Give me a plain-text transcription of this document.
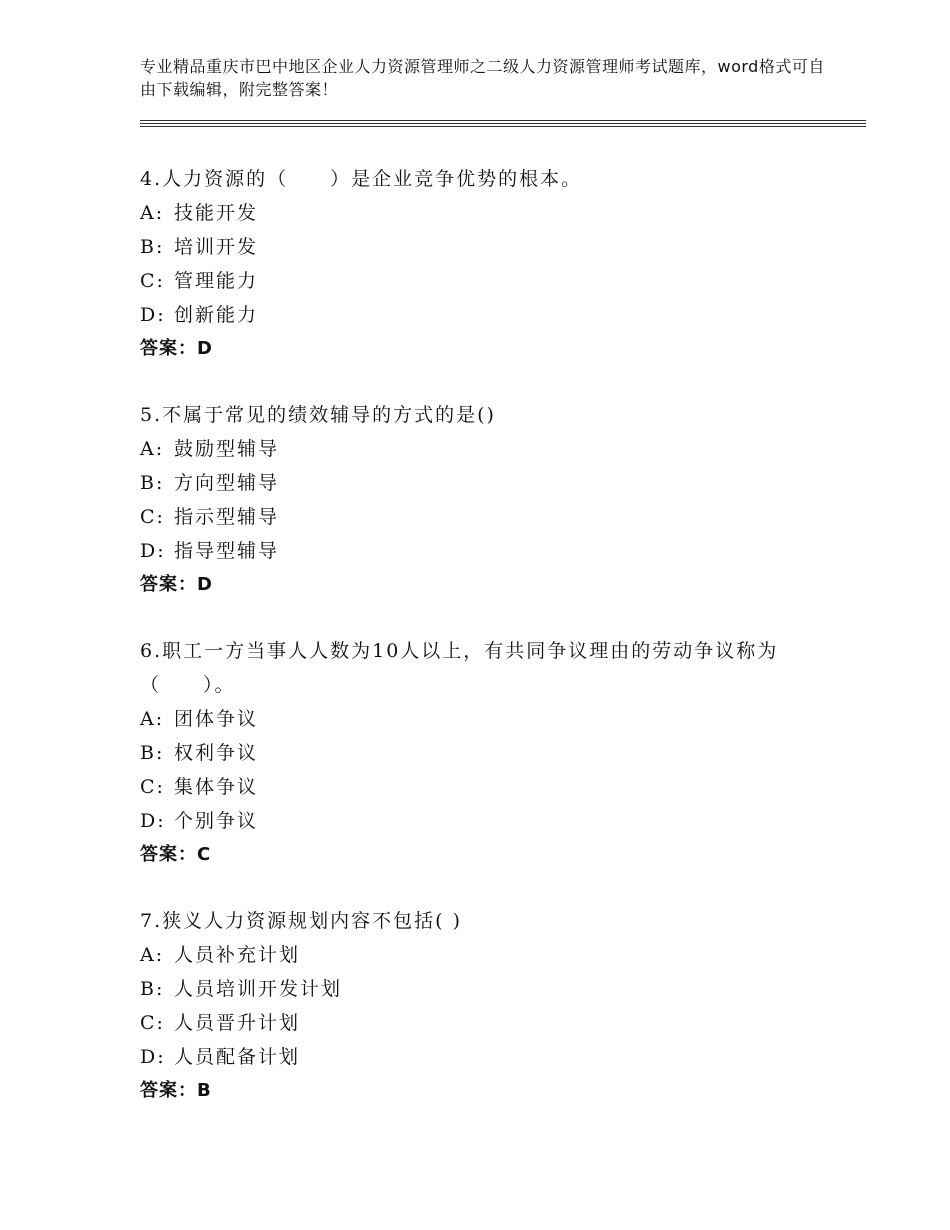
专业精品重庆市巴中地区企业人力资源管理师之二级人力资源管理师考试题库，word格式可自由下载编辑，附完整答案！
4.人力资源的（　　）是企业竞争优势的根本。
A: 技能开发
B: 培训开发
C: 管理能力
D: 创新能力
答案：D
5.不属于常见的绩效辅导的方式的是()
A: 鼓励型辅导
B: 方向型辅导
C: 指示型辅导
D: 指导型辅导
答案：D
6.职工一方当事人人数为10人以上，有共同争议理由的劳动争议称为（　　）。
A: 团体争议
B: 权利争议
C: 集体争议
D: 个别争议
答案：C
7.狭义人力资源规划内容不包括( )
A: 人员补充计划
B: 人员培训开发计划
C: 人员晋升计划
D: 人员配备计划
答案：B
